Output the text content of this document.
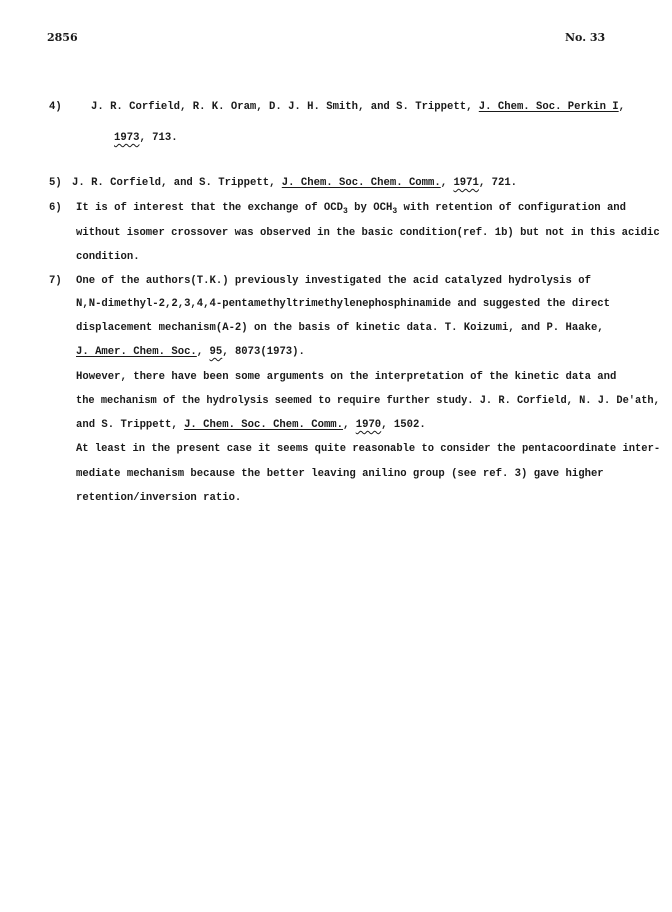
2856	No. 33
4)	J. R. Corfield, R. K. Oram, D. J. H. Smith, and S. Trippett, J. Chem. Soc. Perkin I,
1973, 713.
5) J. R. Corfield, and S. Trippett, J. Chem. Soc. Chem. Comm., 1971, 721.
6) It is of interest that the exchange of $OCD_3$ by $OCH_3$ with retention of configuration and
without isomer crossover was observed in the basic condition(ref. 1b) but not in this acidic
condition.
7) One of the authors(T.K.) previously investigated the acid catalyzed hydrolysis of
N,N-dimethyl-2,2,3,4,4-pentamethyltrimethylenephosphinamide and suggested the direct
displacement mechanism(A-2) on the basis of kinetic data. T. Koizumi, and P. Haake,
J. Amer. Chem. Soc., 95, 8073(1973).
However, there have been some arguments on the interpretation of the kinetic data and
the mechanism of the hydrolysis seemed to require further study. J. R. Corfield, N. J. De'ath,
and S. Trippett, J. Chem. Soc. Chem. Comm., 1970, 1502.
At least in the present case it seems quite reasonable to consider the pentacoordinate inter-
mediate mechanism because the better leaving anilino group (see ref. 3) gave higher
retention/inversion ratio.
